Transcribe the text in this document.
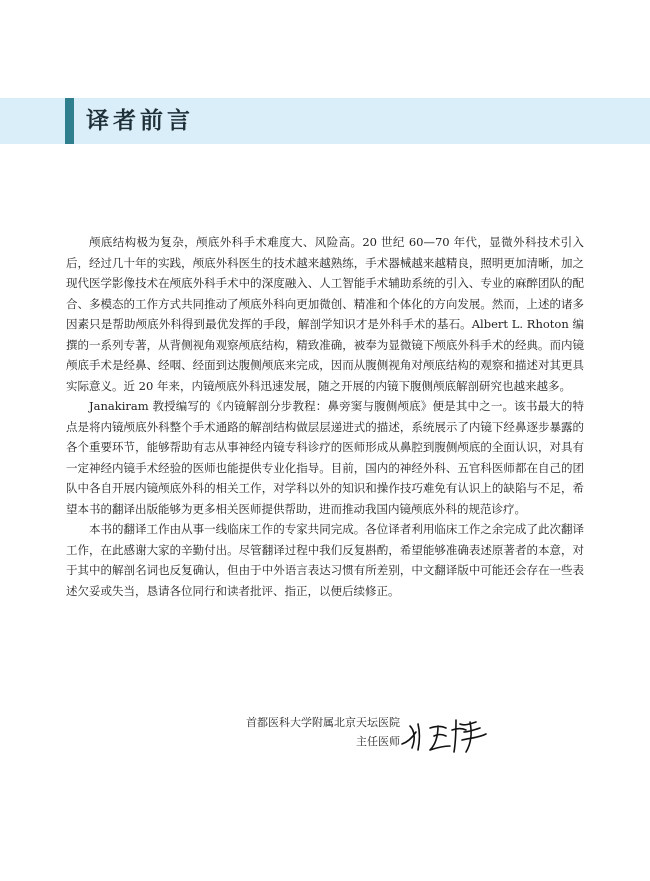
译者前言

颅底结构极为复杂，颅底外科手术难度大、风险高。20 世纪 60—70 年代，显微外科技术引入后，经过几十年的实践，颅底外科医生的技术越来越熟练，手术器械越来越精良，照明更加清晰，加之现代医学影像技术在颅底外科手术中的深度融入、人工智能手术辅助系统的引入、专业的麻醉团队的配合、多模态的工作方式共同推动了颅底外科向更加微创、精准和个体化的方向发展。然而，上述的诸多因素只是帮助颅底外科得到最优发挥的手段，解剖学知识才是外科手术的基石。Albert L. Rhoton 编撰的一系列专著，从背侧视角观察颅底结构，精致准确，被奉为显微镜下颅底外科手术的经典。而内镜颅底手术是经鼻、经咽、经面到达腹侧颅底来完成，因而从腹侧视角对颅底结构的观察和描述对其更具实际意义。近 20 年来，内镜颅底外科迅速发展，随之开展的内镜下腹侧颅底解剖研究也越来越多。

Janakiram 教授编写的《内镜解剖分步教程：鼻旁窦与腹侧颅底》便是其中之一。该书最大的特点是将内镜颅底外科整个手术通路的解剖结构做层层递进式的描述，系统展示了内镜下经鼻逐步暴露的各个重要环节，能够帮助有志从事神经内镜专科诊疗的医师形成从鼻腔到腹侧颅底的全面认识，对具有一定神经内镜手术经验的医师也能提供专业化指导。目前，国内的神经外科、五官科医师都在自己的团队中各自开展内镜颅底外科的相关工作，对学科以外的知识和操作技巧难免有认识上的缺陷与不足，希望本书的翻译出版能够为更多相关医师提供帮助，进而推动我国内镜颅底外科的规范诊疗。

本书的翻译工作由从事一线临床工作的专家共同完成。各位译者利用临床工作之余完成了此次翻译工作，在此感谢大家的辛勤付出。尽管翻译过程中我们反复斟酌，希望能够准确表述原著者的本意，对于其中的解剖名词也反复确认，但由于中外语言表达习惯有所差别，中文翻译版中可能还会存在一些表述欠妥或失当，恳请各位同行和读者批评、指正，以便后续修正。

首都医科大学附属北京天坛医院
主任医师
